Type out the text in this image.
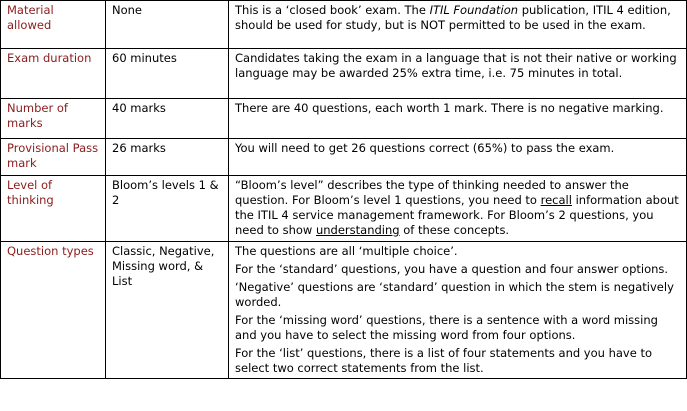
Material allowed	None	This is a ‘closed book’ exam. The ITIL Foundation publication, ITIL 4 edition, should be used for study, but is NOT permitted to be used in the exam.
Exam duration	60 minutes	Candidates taking the exam in a language that is not their native or working language may be awarded 25% extra time, i.e. 75 minutes in total.
Number of marks	40 marks	There are 40 questions, each worth 1 mark. There is no negative marking.
Provisional Pass mark	26 marks	You will need to get 26 questions correct (65%) to pass the exam.
Level of thinking	Bloom’s levels 1 & 2	“Bloom’s level” describes the type of thinking needed to answer the question. For Bloom’s level 1 questions, you need to recall information about the ITIL 4 service management framework. For Bloom’s 2 questions, you need to show understanding of these concepts.
Question types	Classic, Negative, Missing word, & List	The questions are all ‘multiple choice’.

For the ‘standard’ questions, you have a question and four answer options.

‘Negative’ questions are ‘standard’ question in which the stem is negatively worded.

For the ‘missing word’ questions, there is a sentence with a word missing and you have to select the missing word from four options.

For the ‘list’ questions, there is a list of four statements and you have to select two correct statements from the list.
